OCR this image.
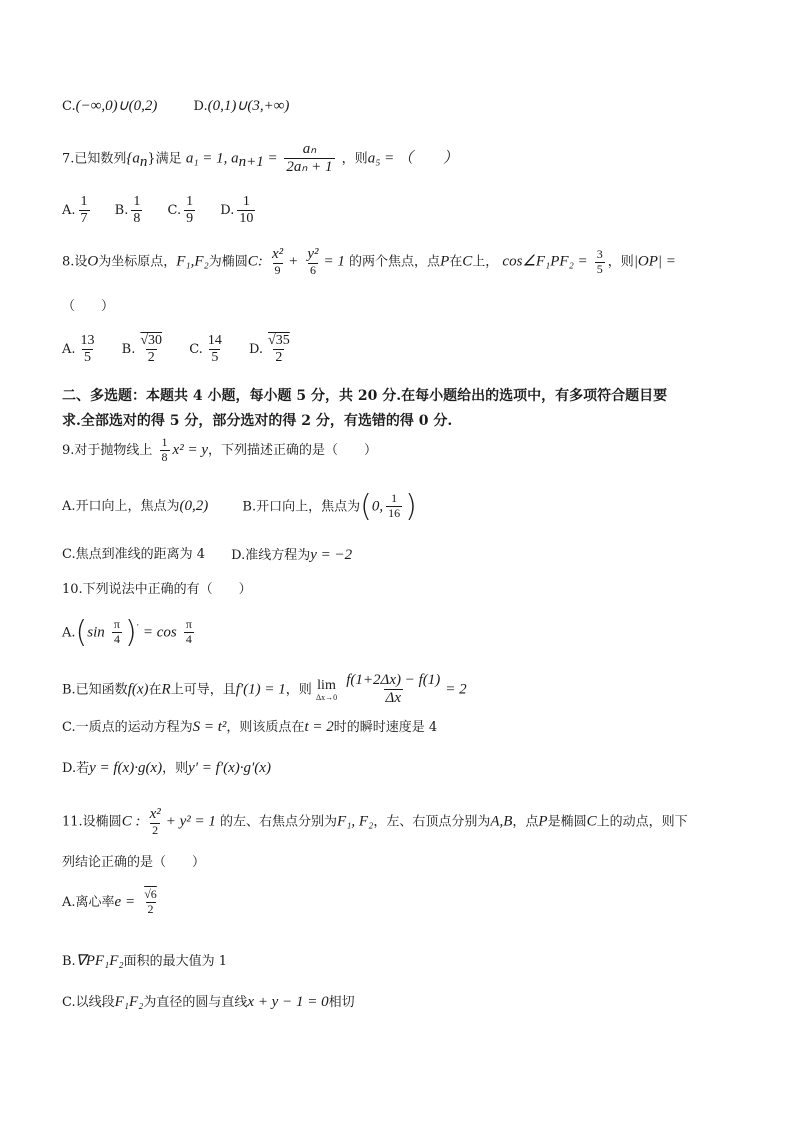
C.(−∞,0)∪(0,2)	D.(0,1)∪(3,+∞)
7.已知数列$\{a_n\}$满足 a₁ = 1, $a_{n+1} = \frac{\text{aₙ}}{\text{2aₙ + 1}}$ ，则a₅ = （　　）
A. $\frac{1}{7} B$. $\frac{1}{8} C$. $\frac{1}{9} D$. $\frac{1}{10}$
8.设O为坐标原点，F₁,F₂为椭圆C: $\frac{\text{x²}}{9} + \frac{\text{y²}}{6} = 1$ 的两个焦点，点P在C上， cos∠F₁PF₂ = $\frac{3}{5}$ ，则|OP| =
（　　）
A. $\frac{13}{5} B$. $\frac{√30}{2} C$. $\frac{14}{5} D$. $\frac{√35}{2}$
二、多选题：本题共 4 小题，每小题 5 分，共 20 分.在每小题给出的选项中，有多项符合题目要
求.全部选对的得 5 分，部分选对的得 2 分，有选错的得 0 分.
9.对于抛物线上 $\frac{1}{8} x^2 = y$，下列描述正确的是（　　）
A.开口向上，焦点为(0,2)	B.开口向上，焦点为(0, $\frac{1}{16}$ )
C.焦点到准线的距离为 4 D.准线方程为y = −2
10.下列说法中正确的有（　　）
$A.(\sin \frac{\pi}{4} )' = \cos \frac{\pi}{4}$
B.已知函数f(x)在R上可导，且f′(1) = 1，则 lim
Δx→0
$\frac{f(1+2\Delta x) - f(1)}{\Delta x} = 2$
C.一质点的运动方程为S = t²，则该质点在t = 2时的瞬时速度是 4
D.若y = f(x)·g(x)，则y′ = f′(x)·g′(x)
11.设椭圆C : $\frac{\text{x²}}{2} + y^2 = 1$ 的左、右焦点分别为F₁, F₂，左、右顶点分别为A,B，点P是椭圆C上的动点，则下
列结论正确的是（　　）
A.离心率$e = \frac{√6}{2}$
B.∇PF₁F₂面积的最大值为 1
C.以线段F₁F₂为直径的圆与直线x + y − 1 = 0相切
